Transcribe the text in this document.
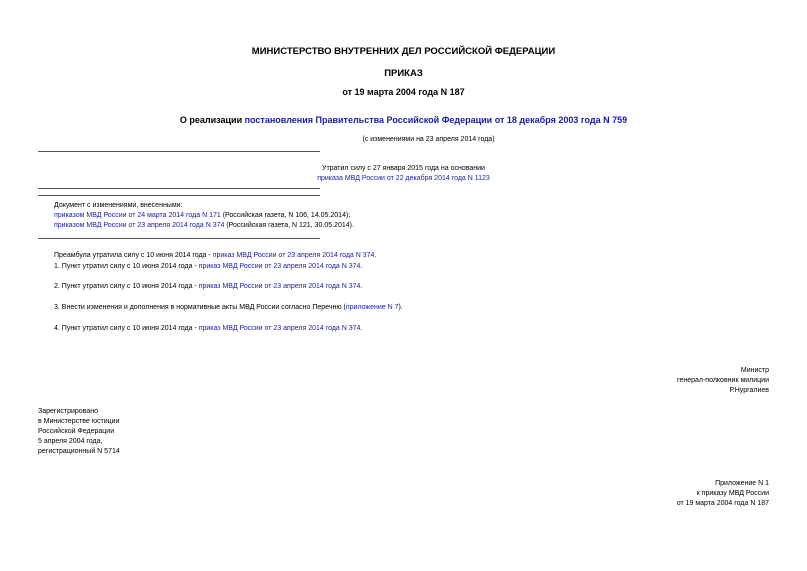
МИНИСТЕРСТВО ВНУТРЕННИХ ДЕЛ РОССИЙСКОЙ ФЕДЕРАЦИИ
ПРИКАЗ
от 19 марта 2004 года N 187
О реализации постановления Правительства Российской Федерации от 18 декабря 2003 года N 759
(с изменениями на 23 апреля 2014 года)
Утратил силу с 27 января 2015 года на основании
приказа МВД России от 22 декабря 2014 года N 1123
Документ с изменениями, внесенными:
приказом МВД России от 24 марта 2014 года N 171 (Российская газета, N 106, 14.05.2014);
приказом МВД России от 23 апреля 2014 года N 374 (Российская газета, N 121, 30.05.2014).
Преамбула утратила силу с 10 июня 2014 года - приказ МВД России от 23 апреля 2014 года N 374.
1. Пункт утратил силу с 10 июня 2014 года - приказ МВД России от 23 апреля 2014 года N 374.
2. Пункт утратил силу с 10 июня 2014 года - приказ МВД России от 23 апреля 2014 года N 374.
3. Внести изменения и дополнения в нормативные акты МВД России согласно Перечню (приложение N 7).
4. Пункт утратил силу с 10 июня 2014 года - приказ МВД России от 23 апреля 2014 года N 374.
Министр
генерал-полковник милиции
Р.Нургалиев
Зарегистрировано
в Министерстве юстиции
Российской Федерации
5 апреля 2004 года,
регистрационный N 5714
Приложение N 1
к приказу МВД России
от 19 марта 2004 года N 187
